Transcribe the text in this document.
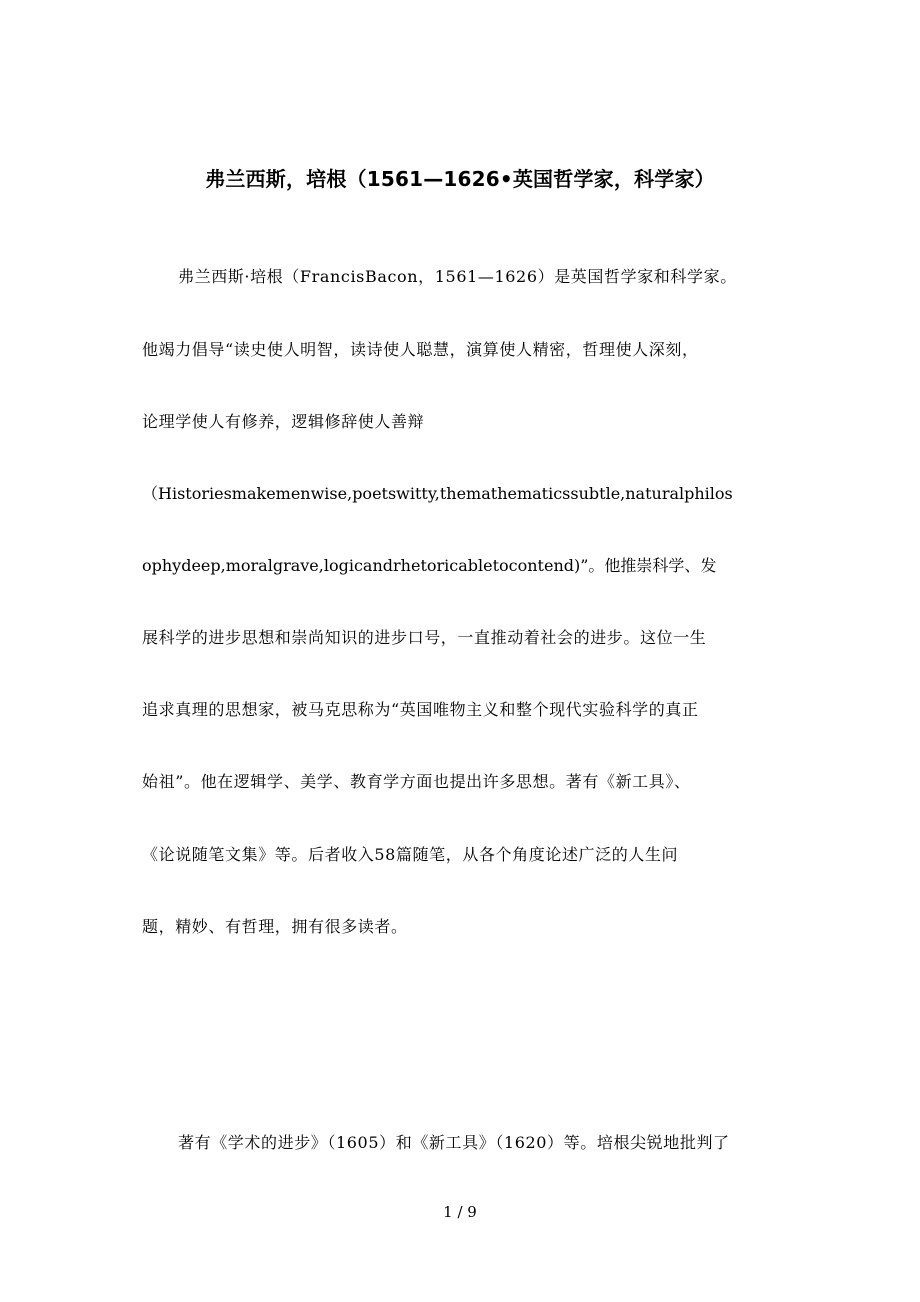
弗兰西斯，培根（1561—1626•英国哲学家，科学家）
弗兰西斯·培根（FrancisBacon，1561—1626）是英国哲学家和科学家。
他竭力倡导“读史使人明智，读诗使人聪慧，演算使人精密，哲理使人深刻，
论理学使人有修养，逻辑修辞使人善辩
（Historiesmakemenwise,poetswitty,themathematicssubtle,naturalphilos
ophydeep,moralgrave,logicandrhetoricabletocontend)”。他推崇科学、发
展科学的进步思想和崇尚知识的进步口号，一直推动着社会的进步。这位一生
追求真理的思想家，被马克思称为“英国唯物主义和整个现代实验科学的真正
始祖”。他在逻辑学、美学、教育学方面也提出许多思想。著有《新工具》、
《论说随笔文集》等。后者收入58篇随笔，从各个角度论述广泛的人生问
题，精妙、有哲理，拥有很多读者。
著有《学术的进步》（1605）和《新工具》（1620）等。培根尖锐地批判了
1 / 9
